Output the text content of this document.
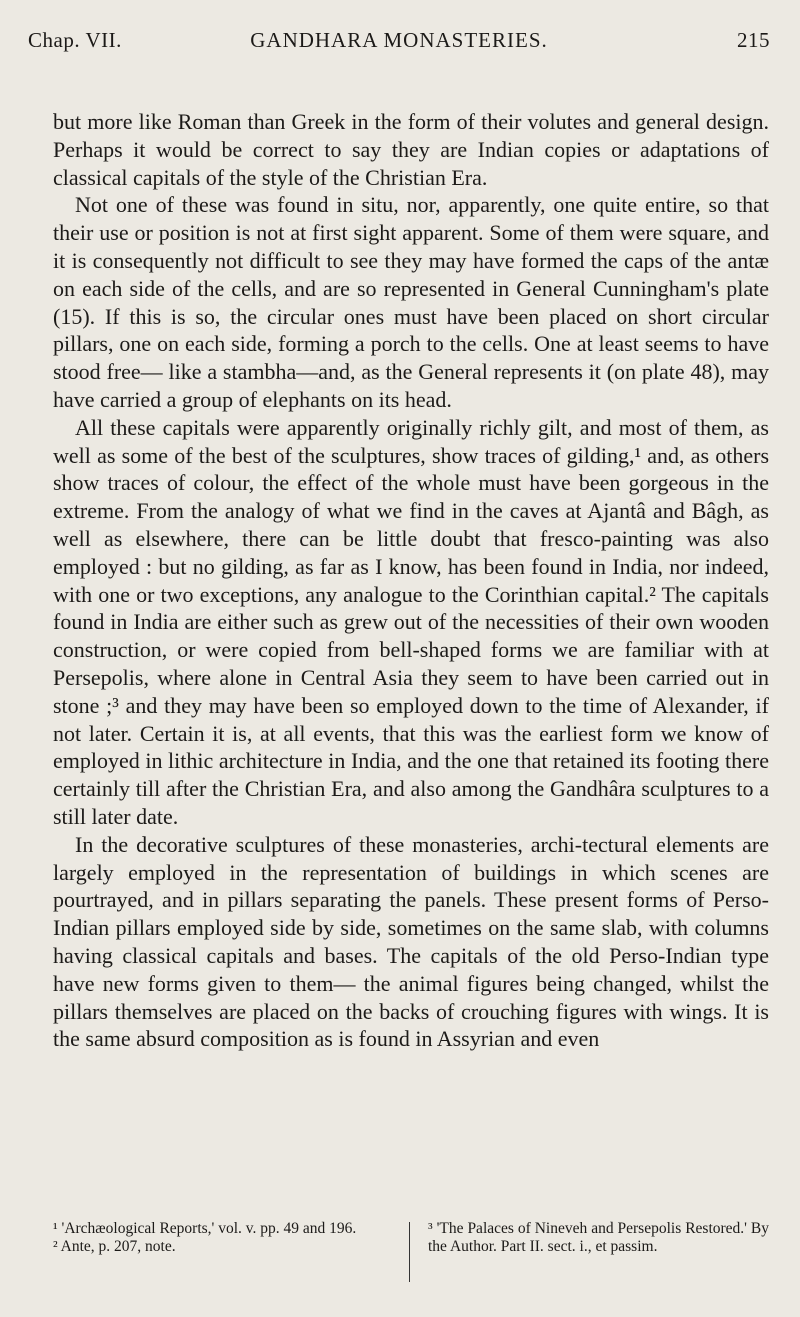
Chap. VII.	GANDHARA MONASTERIES.	215

but more like Roman than Greek in the form of their volutes and general design. Perhaps it would be correct to say they are Indian copies or adaptations of classical capitals of the style of the Christian Era.

Not one of these was found in situ, nor, apparently, one quite entire, so that their use or position is not at first sight apparent. Some of them were square, and it is consequently not difficult to see they may have formed the caps of the antæ on each side of the cells, and are so represented in General Cunningham's plate (15). If this is so, the circular ones must have been placed on short circular pillars, one on each side, forming a porch to the cells. One at least seems to have stood free— like a stambha—and, as the General represents it (on plate 48), may have carried a group of elephants on its head.

All these capitals were apparently originally richly gilt, and most of them, as well as some of the best of the sculptures, show traces of gilding,¹ and, as others show traces of colour, the effect of the whole must have been gorgeous in the extreme. From the analogy of what we find in the caves at Ajantâ and Bâgh, as well as elsewhere, there can be little doubt that fresco-painting was also employed : but no gilding, as far as I know, has been found in India, nor indeed, with one or two exceptions, any analogue to the Corinthian capital.² The capitals found in India are either such as grew out of the necessities of their own wooden construction, or were copied from bell-shaped forms we are familiar with at Persepolis, where alone in Central Asia they seem to have been carried out in stone ;³ and they may have been so employed down to the time of Alexander, if not later. Certain it is, at all events, that this was the earliest form we know of employed in lithic architecture in India, and the one that retained its footing there certainly till after the Christian Era, and also among the Gandhâra sculptures to a still later date.

In the decorative sculptures of these monasteries, archi-tectural elements are largely employed in the representation of buildings in which scenes are pourtrayed, and in pillars separating the panels. These present forms of Perso-Indian pillars employed side by side, sometimes on the same slab, with columns having classical capitals and bases. The capitals of the old Perso-Indian type have new forms given to them— the animal figures being changed, whilst the pillars themselves are placed on the backs of crouching figures with wings. It is the same absurd composition as is found in Assyrian and even

¹ 'Archæological Reports,' vol. v. pp. 49 and 196.

² Ante, p. 207, note.

³ 'The Palaces of Nineveh and Persepolis Restored.' By the Author. Part II. sect. i., et passim.
